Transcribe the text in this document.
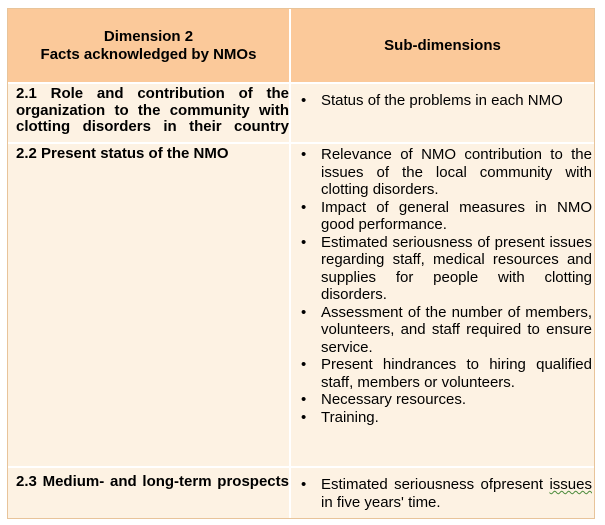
Dimension 2
Facts acknowledged by NMOs	Sub-dimensions
2.1 Role and contribution of the organization to the community with clotting disorders in their country
• Status of the problems in each NMO
2.2 Present status of the NMO	• Relevance of NMO contribution to the issues of the local community with clotting disorders.
• Impact of general measures in NMO good performance.
• Estimated seriousness of present issues regarding staff, medical resources and supplies for people with clotting disorders.
• Assessment of the number of members, volunteers, and staff required to ensure service.
• Present hindrances to hiring qualified staff, members or volunteers.
• Necessary resources.
• Training.
2.3 Medium- and long-term prospects • Estimated seriousness ofpresent issues in five years' time.
